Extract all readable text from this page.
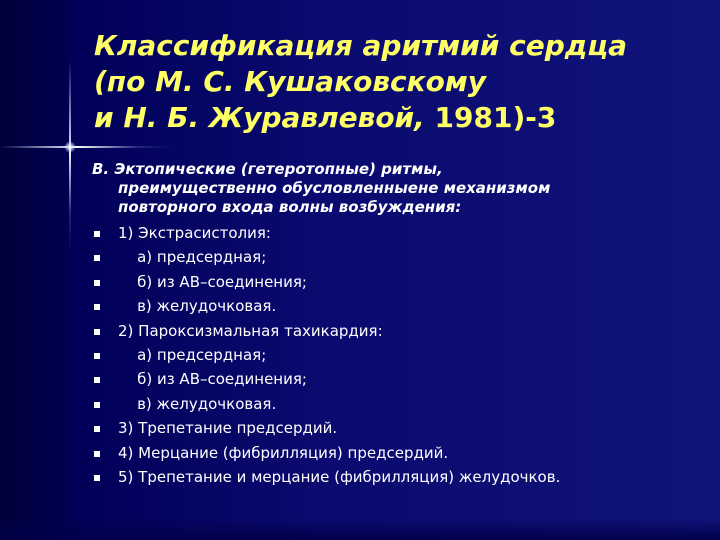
Классификация аритмий сердца
(по М. С. Кушаковскому
и Н. Б. Журавлевой, 1981)-3
В. Эктопические (гетеротопные) ритмы,
преимущественно обусловленныене механизмом
повторного входа волны возбуждения:
1) Экстрасистолия:
а) предсердная;
б) из АВ–соединения;
в) желудочковая.
2) Пароксизмальная тахикардия:
а) предсердная;
б) из АВ–соединения;
в) желудочковая.
3) Трепетание предсердий.
4) Мерцание (фибрилляция) предсердий.
5) Трепетание и мерцание (фибрилляция) желудочков.
